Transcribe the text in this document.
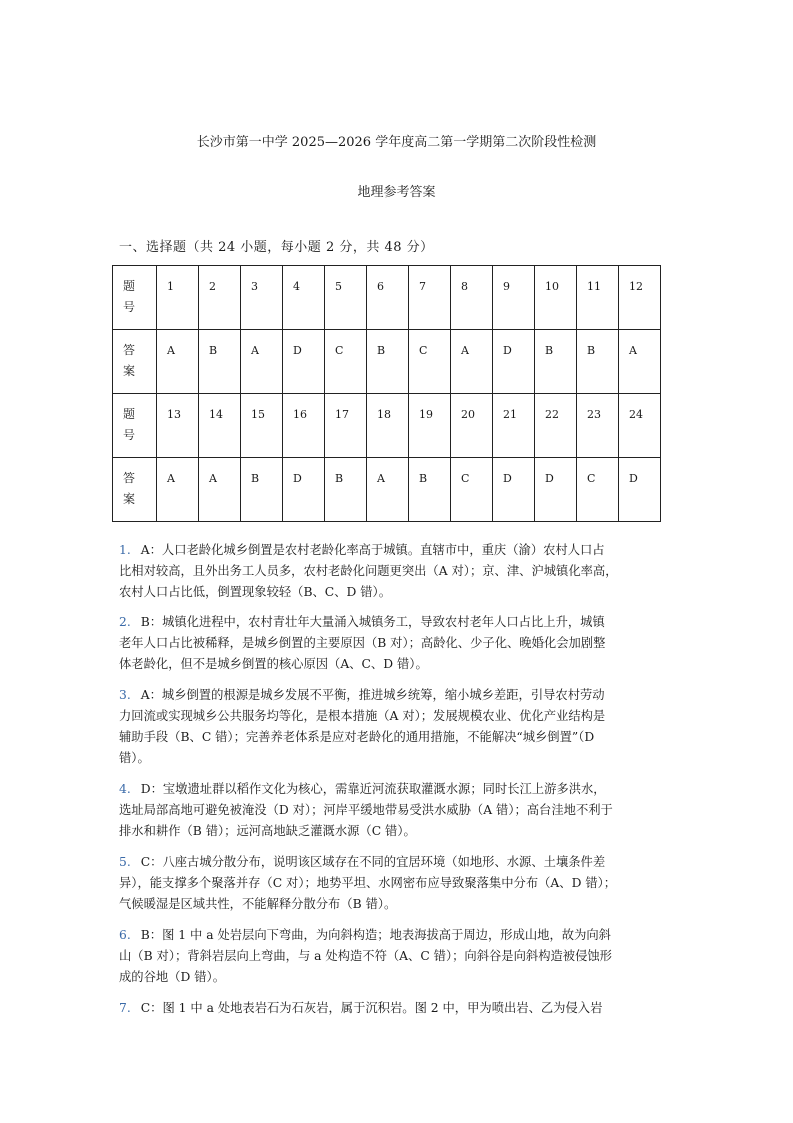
长沙市第一中学 2025—2026 学年度高二第一学期第二次阶段性检测
地理参考答案
一、选择题（共 24 小题，每小题 2 分，共 48 分）
题
号	1	2	3	4	5	6	7	8	9	10	11	12

答
案	A	B	A	D	C	B	C	A	D	B	B	A

题
号	13	14	15	16	17	18	19	20	21	22	23	24

答
案	A	A	B	D	B	A	B	C	D	D	C	D
1. A：人口老龄化城乡倒置是农村老龄化率高于城镇。直辖市中，重庆（渝）农村人口占
比相对较高，且外出务工人员多，农村老龄化问题更突出（A 对）；京、津、沪城镇化率高，
农村人口占比低，倒置现象较轻（B、C、D 错）。
2. B：城镇化进程中，农村青壮年大量涌入城镇务工，导致农村老年人口占比上升，城镇
老年人口占比被稀释，是城乡倒置的主要原因（B 对）；高龄化、少子化、晚婚化会加剧整
体老龄化，但不是城乡倒置的核心原因（A、C、D 错）。
3. A：城乡倒置的根源是城乡发展不平衡，推进城乡统筹，缩小城乡差距，引导农村劳动
力回流或实现城乡公共服务均等化，是根本措施（A 对）；发展规模农业、优化产业结构是
辅助手段（B、C 错）；完善养老体系是应对老龄化的通用措施，不能解决“城乡倒置”（D
错）。
4. D：宝墩遗址群以稻作文化为核心，需靠近河流获取灌溉水源；同时长江上游多洪水，
选址局部高地可避免被淹没（D 对）；河岸平缓地带易受洪水威胁（A 错）；高台洼地不利于
排水和耕作（B 错）；远河高地缺乏灌溉水源（C 错）。
5. C：八座古城分散分布，说明该区域存在不同的宜居环境（如地形、水源、土壤条件差
异），能支撑多个聚落并存（C 对）；地势平坦、水网密布应导致聚落集中分布（A、D 错）；
气候暖湿是区域共性，不能解释分散分布（B 错）。
6. B：图 1 中 a 处岩层向下弯曲，为向斜构造；地表海拔高于周边，形成山地，故为向斜
山（B 对）；背斜岩层向上弯曲，与 a 处构造不符（A、C 错）；向斜谷是向斜构造被侵蚀形
成的谷地（D 错）。
7. C：图 1 中 a 处地表岩石为石灰岩，属于沉积岩。图 2 中，甲为喷出岩、乙为侵入岩
